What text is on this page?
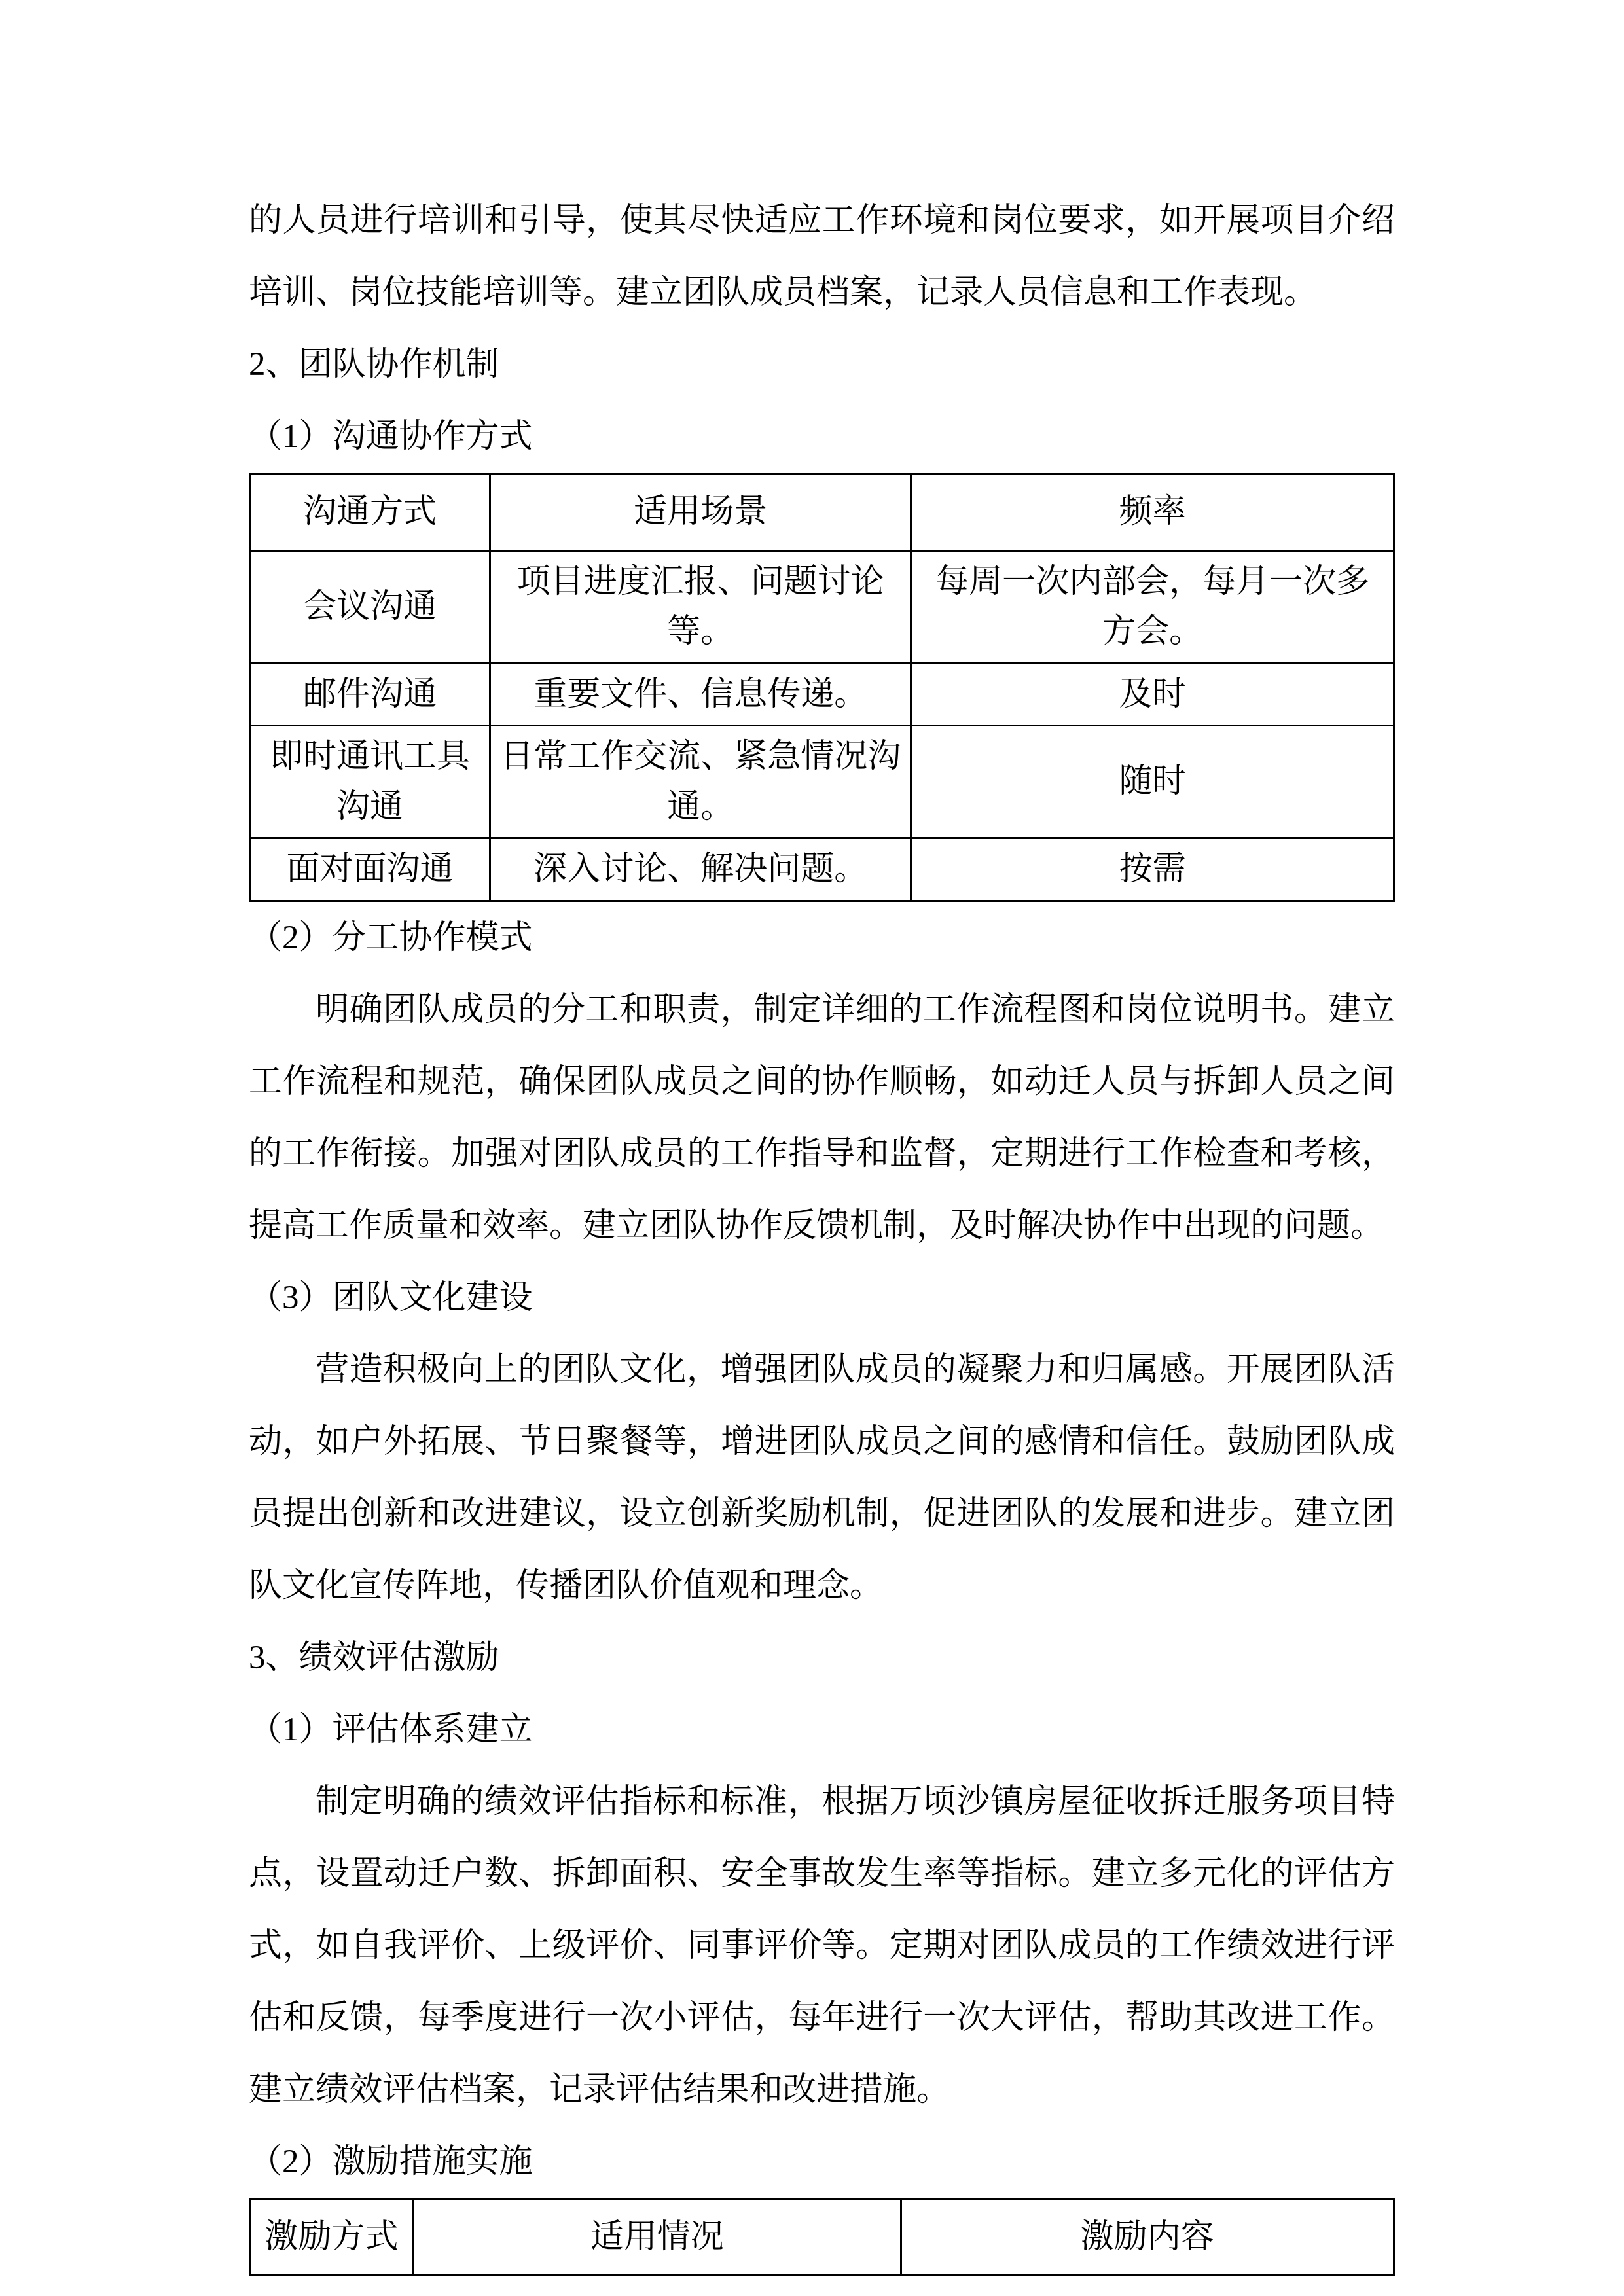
的人员进行培训和引导，使其尽快适应工作环境和岗位要求，如开展项目介绍培训、岗位技能培训等。建立团队成员档案，记录人员信息和工作表现。

2、团队协作机制
（1）沟通协作方式
沟通方式	适用场景	频率
会议沟通	项目进度汇报、问题讨论等。	每周一次内部会，每月一次多方会。
邮件沟通	重要文件、信息传递。	及时
即时通讯工具沟通	日常工作交流、紧急情况沟通。	随时
面对面沟通	深入讨论、解决问题。	按需
（2）分工协作模式

明确团队成员的分工和职责，制定详细的工作流程图和岗位说明书。建立工作流程和规范，确保团队成员之间的协作顺畅，如动迁人员与拆卸人员之间的工作衔接。加强对团队成员的工作指导和监督，定期进行工作检查和考核，提高工作质量和效率。建立团队协作反馈机制，及时解决协作中出现的问题。

（3）团队文化建设

营造积极向上的团队文化，增强团队成员的凝聚力和归属感。开展团队活动，如户外拓展、节日聚餐等，增进团队成员之间的感情和信任。鼓励团队成员提出创新和改进建议，设立创新奖励机制，促进团队的发展和进步。建立团队文化宣传阵地，传播团队价值观和理念。

3、绩效评估激励
（1）评估体系建立

制定明确的绩效评估指标和标准，根据万顷沙镇房屋征收拆迁服务项目特点，设置动迁户数、拆卸面积、安全事故发生率等指标。建立多元化的评估方式，如自我评价、上级评价、同事评价等。定期对团队成员的工作绩效进行评估和反馈，每季度进行一次小评估，每年进行一次大评估，帮助其改进工作。建立绩效评估档案，记录评估结果和改进措施。

（2）激励措施实施
激励方式	适用情况	激励内容
